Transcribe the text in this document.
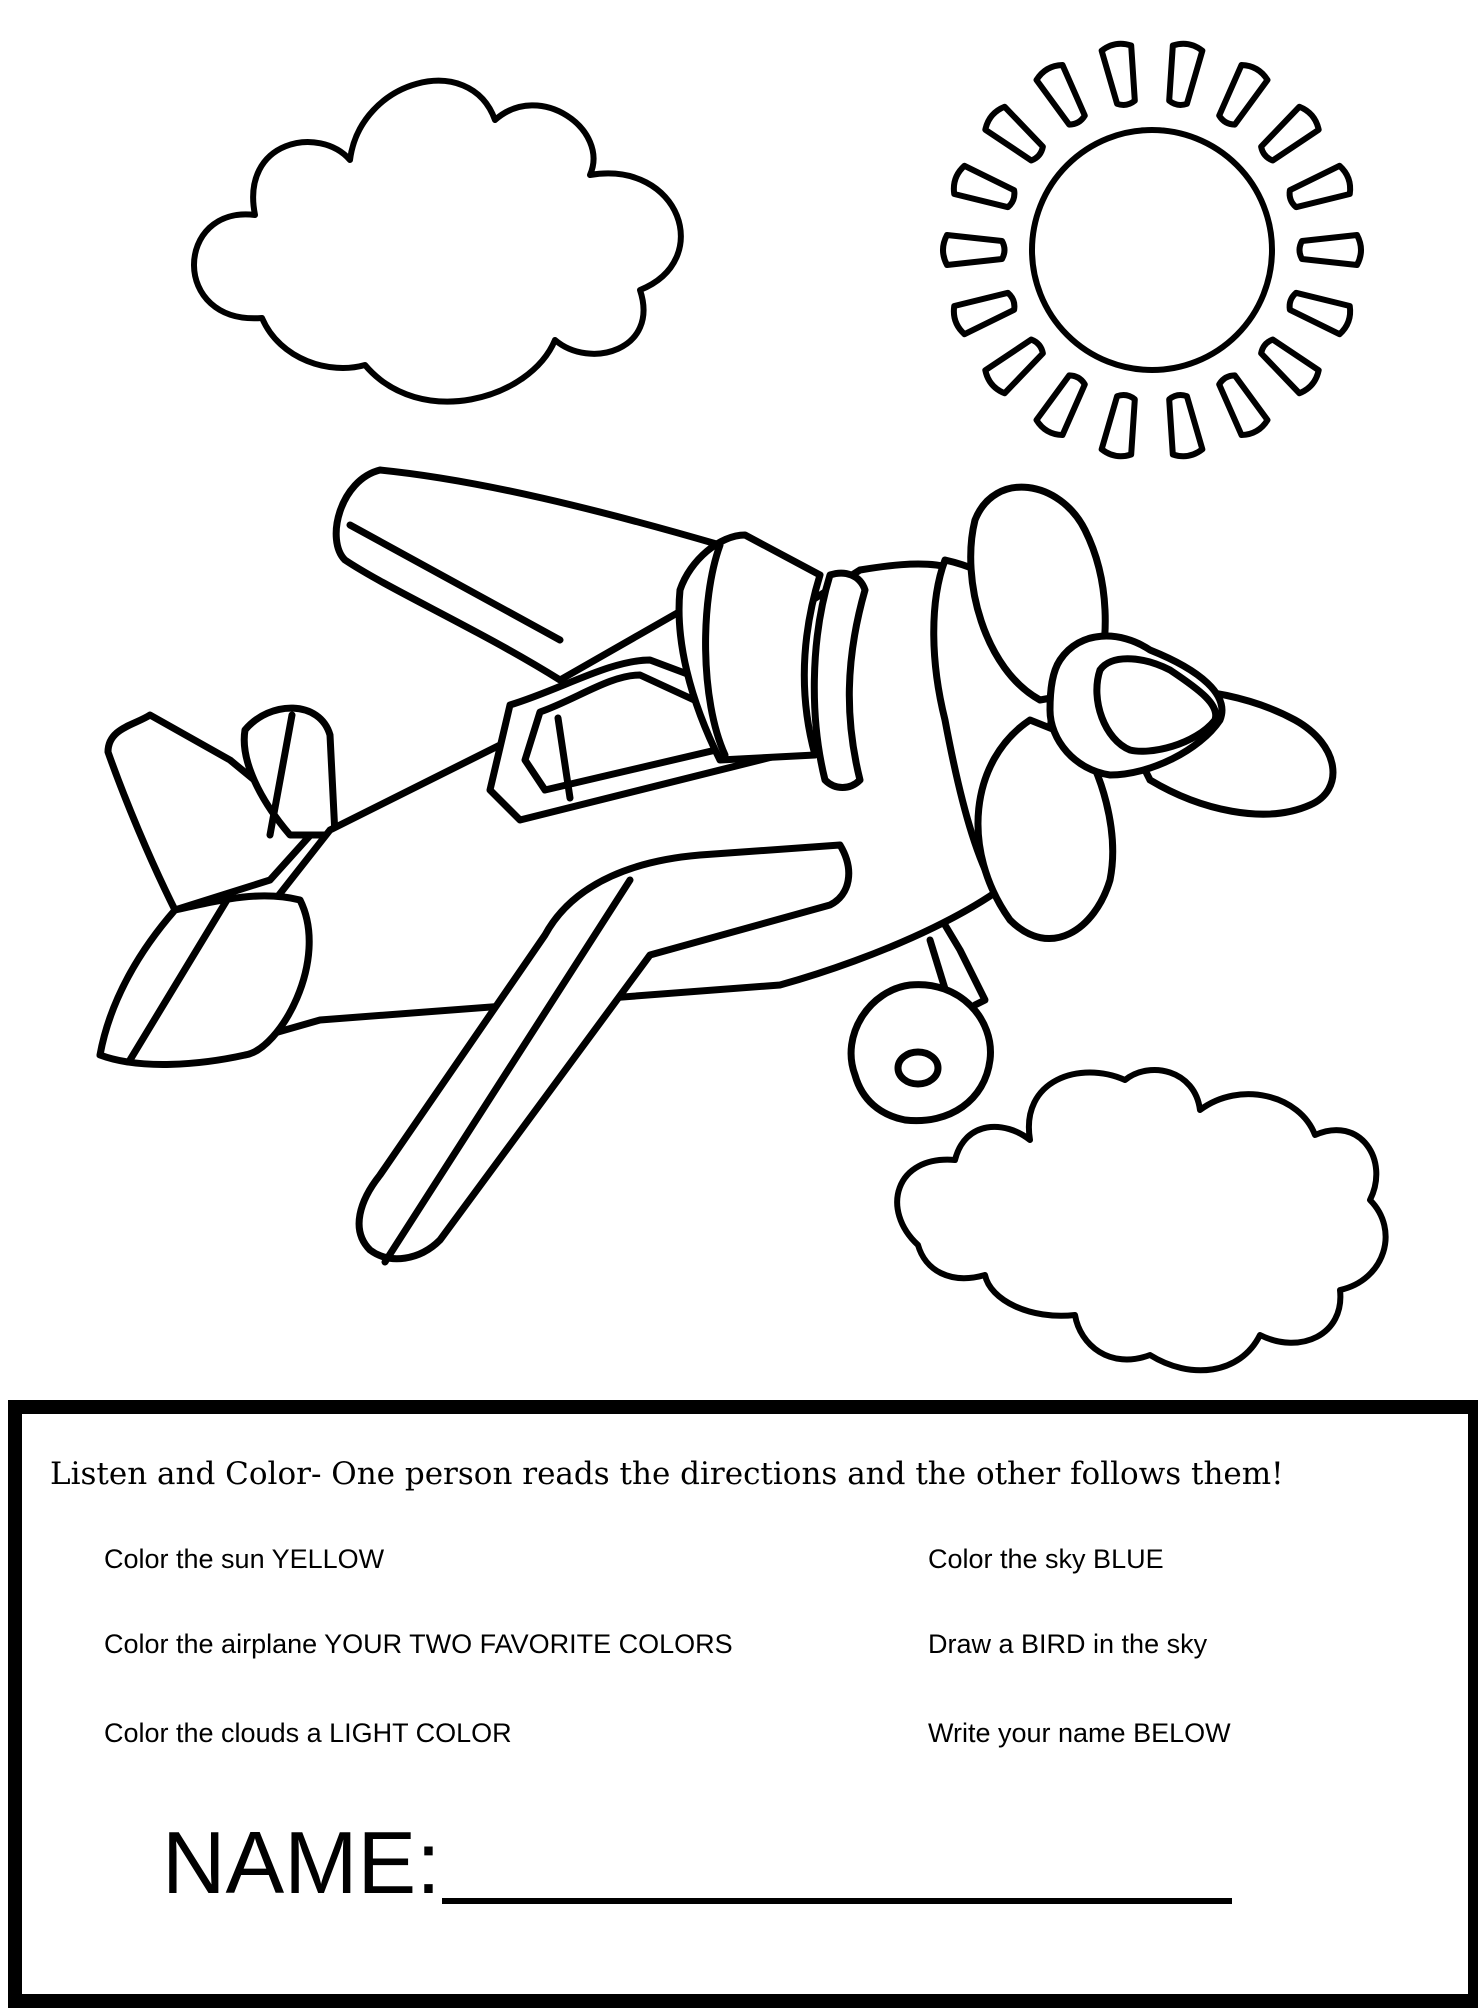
Listen and Color- One person reads the directions and the other follows them!
Color the sun YELLOW
Color the airplane YOUR TWO FAVORITE COLORS
Color the clouds a LIGHT COLOR
Color the sky BLUE
Draw a BIRD in the sky
Write your name BELOW
NAME:
